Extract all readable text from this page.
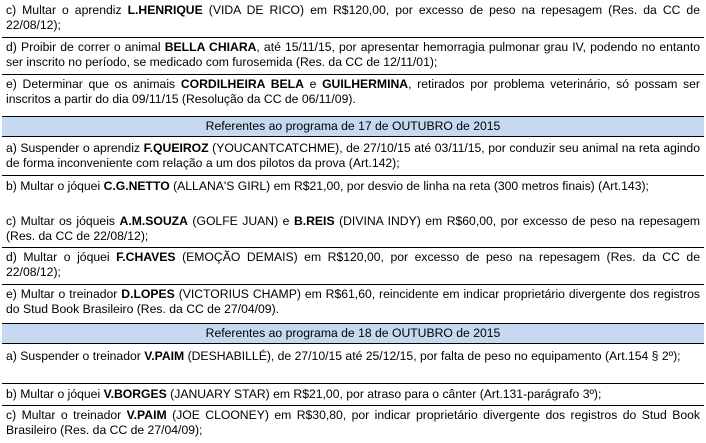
c) Multar o aprendiz L.HENRIQUE (VIDA DE RICO) em R$120,00, por excesso de peso na repesagem (Res. da CC de 22/08/12);
d) Proibir de correr o animal BELLA CHIARA, até 15/11/15, por apresentar hemorragia pulmonar grau IV, podendo no entanto ser inscrito no período, se medicado com furosemida (Res. da CC de 12/11/01);
e) Determinar que os animais CORDILHEIRA BELA e GUILHERMINA, retirados por problema veterinário, só possam ser inscritos a partir do dia 09/11/15 (Resolução da CC de 06/11/09).
Referentes ao programa de 17 de OUTUBRO de 2015
a) Suspender o aprendiz F.QUEIROZ (YOUCANTCATCHME), de 27/10/15 até 03/11/15, por conduzir seu animal na reta agindo de forma inconveniente com relação a um dos pilotos da prova (Art.142);
b) Multar o jóquei C.G.NETTO (ALLANA'S GIRL) em R$21,00, por desvio de linha na reta (300 metros finais) (Art.143);
c) Multar os jóqueis A.M.SOUZA (GOLFE JUAN) e B.REIS (DIVINA INDY) em R$60,00, por excesso de peso na repesagem (Res. da CC de 22/08/12);
d) Multar o jóquei F.CHAVES (EMOÇÃO DEMAIS) em R$120,00, por excesso de peso na repesagem (Res. da CC de 22/08/12);
e) Multar o treinador D.LOPES (VICTORIUS CHAMP) em R$61,60, reincidente em indicar proprietário divergente dos registros do Stud Book Brasileiro (Res. da CC de 27/04/09).
Referentes ao programa de 18 de OUTUBRO de 2015
a) Suspender o treinador V.PAIM (DESHABILLÉ), de 27/10/15 até 25/12/15, por falta de peso no equipamento (Art.154 § 2º);
b) Multar o jóquei V.BORGES (JANUARY STAR) em R$21,00, por atraso para o cânter (Art.131-parágrafo 3º);
c) Multar o treinador V.PAIM (JOE CLOONEY) em R$30,80, por indicar proprietário divergente dos registros do Stud Book Brasileiro (Res. da CC de 27/04/09);
